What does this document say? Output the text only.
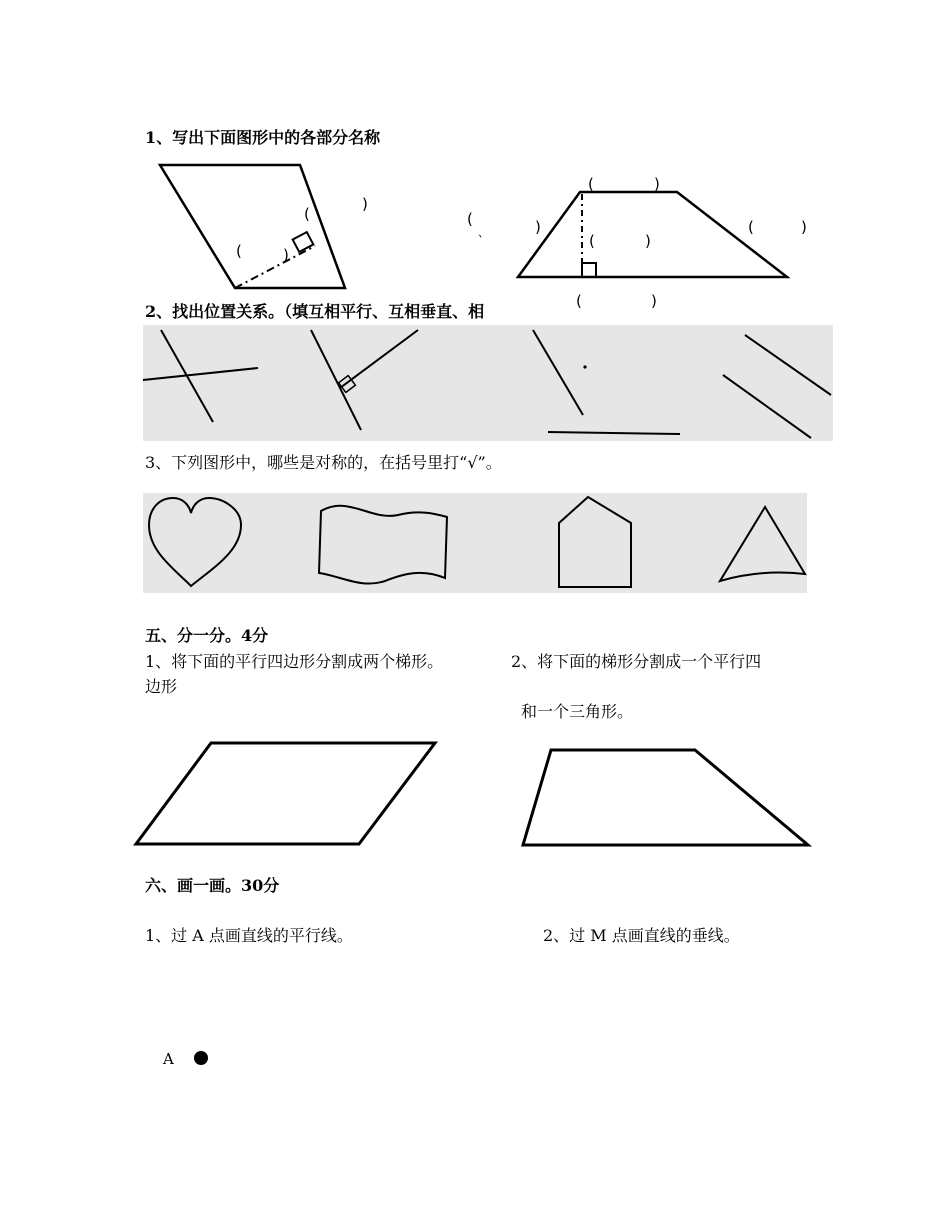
1、写出下面图形中的各部分名称
(
(	)
)
(
、
(	)
)
(	)
(	)
(	)
2、找出位置关系。（填互相平行、互相垂直、相
3、下列图形中，哪些是对称的，在括号里打“√”。
五、分一分。4分
1、将下面的平行四边形分割成两个梯形。	2、将下面的梯形分割成一个平行四
边形
和一个三角形。
六、画一画。30分
1、过 A 点画直线的平行线。	2、过 M 点画直线的垂线。
A
